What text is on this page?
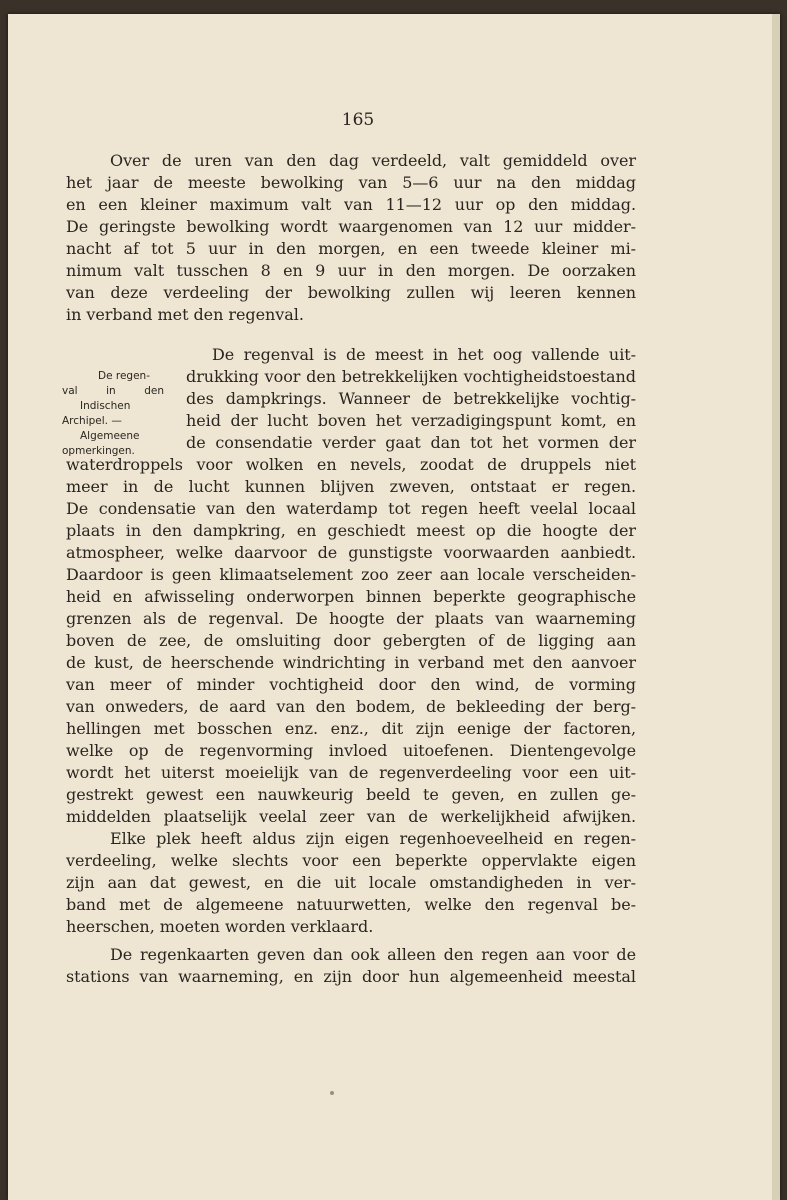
165
De regen-
val in den
Indischen
Archipel. —
Algemeene
opmerkingen.
Over de uren van den dag verdeeld, valt gemiddeld over
het jaar de meeste bewolking van 5—6 uur na den middag
en een kleiner maximum valt van 11—12 uur op den middag.
De geringste bewolking wordt waargenomen van 12 uur midder-
nacht af tot 5 uur in den morgen, en een tweede kleiner mi-
nimum valt tusschen 8 en 9 uur in den morgen. De oorzaken
van deze verdeeling der bewolking zullen wij leeren kennen
in verband met den regenval.
De regenval is de meest in het oog vallende uit-
drukking voor den betrekkelijken vochtigheidstoestand
des dampkrings. Wanneer de betrekkelijke vochtig-
heid der lucht boven het verzadigingspunt komt, en
de consendatie verder gaat dan tot het vormen der
waterdroppels voor wolken en nevels, zoodat de druppels niet
meer in de lucht kunnen blijven zweven, ontstaat er regen.
De condensatie van den waterdamp tot regen heeft veelal locaal
plaats in den dampkring, en geschiedt meest op die hoogte der
atmospheer, welke daarvoor de gunstigste voorwaarden aanbiedt.
Daardoor is geen klimaatselement zoo zeer aan locale verscheiden-
heid en afwisseling onderworpen binnen beperkte geographische
grenzen als de regenval. De hoogte der plaats van waarneming
boven de zee, de omsluiting door gebergten of de ligging aan
de kust, de heerschende windrichting in verband met den aanvoer
van meer of minder vochtigheid door den wind, de vorming
van onweders, de aard van den bodem, de bekleeding der berg-
hellingen met bosschen enz. enz., dit zijn eenige der factoren,
welke op de regenvorming invloed uitoefenen. Dientengevolge
wordt het uiterst moeielijk van de regenverdeeling voor een uit-
gestrekt gewest een nauwkeurig beeld te geven, en zullen ge-
middelden plaatselijk veelal zeer van de werkelijkheid afwijken.
Elke plek heeft aldus zijn eigen regenhoeveelheid en regen-
verdeeling, welke slechts voor een beperkte oppervlakte eigen
zijn aan dat gewest, en die uit locale omstandigheden in ver-
band met de algemeene natuurwetten, welke den regenval be-
heerschen, moeten worden verklaard.
De regenkaarten geven dan ook alleen den regen aan voor de
stations van waarneming, en zijn door hun algemeenheid meestal
